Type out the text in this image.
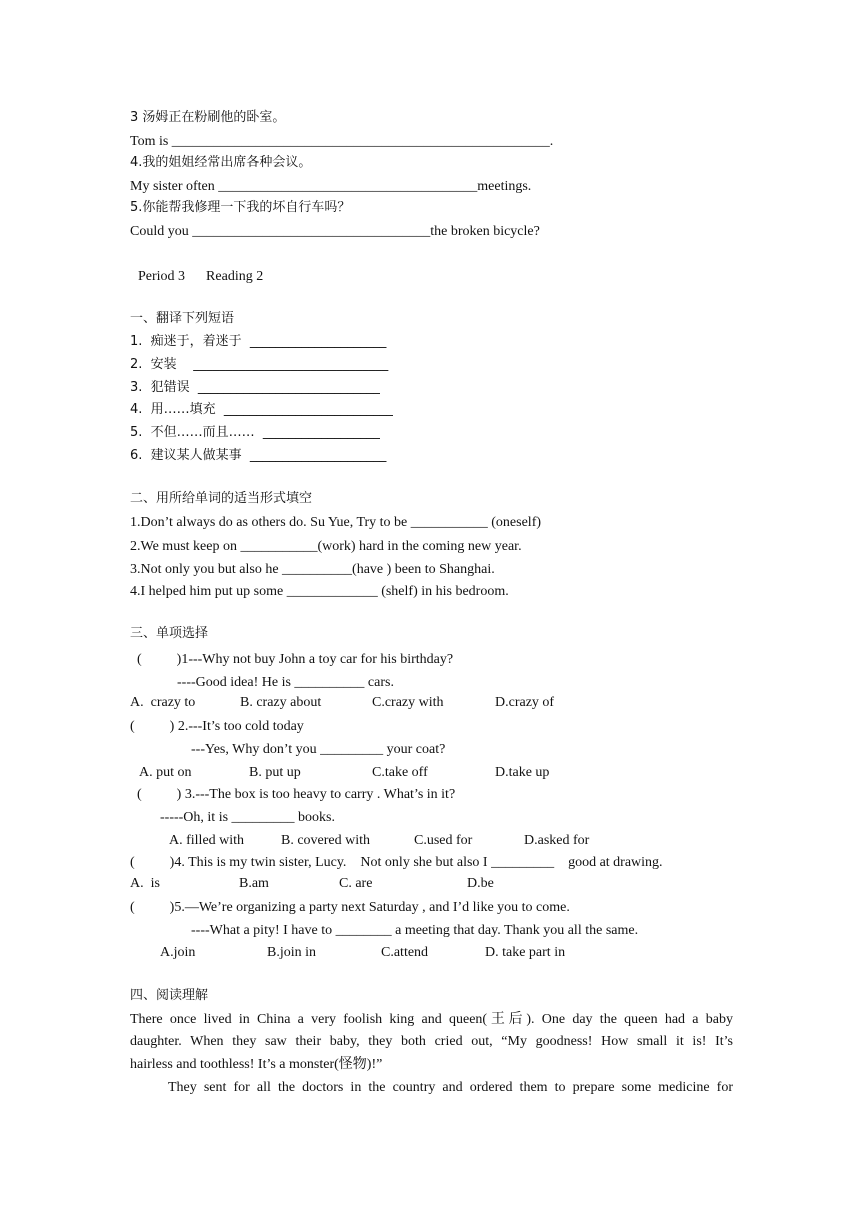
3 汤姆正在粉刷他的卧室。
Tom is ______________________________________________________.
4.我的姐姐经常出席各种会议。
My sister often _____________________________________meetings.
5.你能帮我修理一下我的坏自行车吗？
Could you __________________________________the broken bicycle?
Period 3      Reading 2
一、翻译下列短语
1.  痴迷于，着迷于  _____________________
2.  安装    ______________________________
3.  犯错误  ____________________________
4.  用……填充  __________________________
5.  不但……而且……  __________________
6.  建议某人做某事  _____________________
二、用所给单词的适当形式填空
1.Don’t always do as others do. Su Yue, Try to be ___________ (oneself)
2.We must keep on ___________(work) hard in the coming new year.
3.Not only you but also he __________(have ) been to Shanghai.
4.I helped him put up some _____________ (shelf) in his bedroom.
三、单项选择
(          )1---Why not buy John a toy car for his birthday?
----Good idea! He is __________ cars.
A.  crazy to	B. crazy about	C.crazy with	D.crazy of
(          ) 2.---It’s too cold today
---Yes, Why don’t you _________ your coat?
A. put on	B. put up	C.take off	D.take up
(          ) 3.---The box is too heavy to carry . What’s in it?
-----Oh, it is _________ books.
A. filled with	B. covered with	C.used for	D.asked for
(          )4. This is my twin sister, Lucy.    Not only she but also I _________    good at drawing.
A.  is	B.am	C. are	D.be
(          )5.—We’re organizing a party next Saturday , and I’d like you to come.
----What a pity! I have to ________ a meeting that day. Thank you all the same.
A.join	B.join in	C.attend	D. take part in
四、阅读理解
There once lived in China a very foolish king and queen(王后). One day the queen had a baby
daughter. When they saw their baby, they both cried out, “My goodness! How small it is! It’s
hairless and toothless! It’s a monster(怪物)!”
They sent for all the doctors in the country and ordered them to prepare some medicine for
